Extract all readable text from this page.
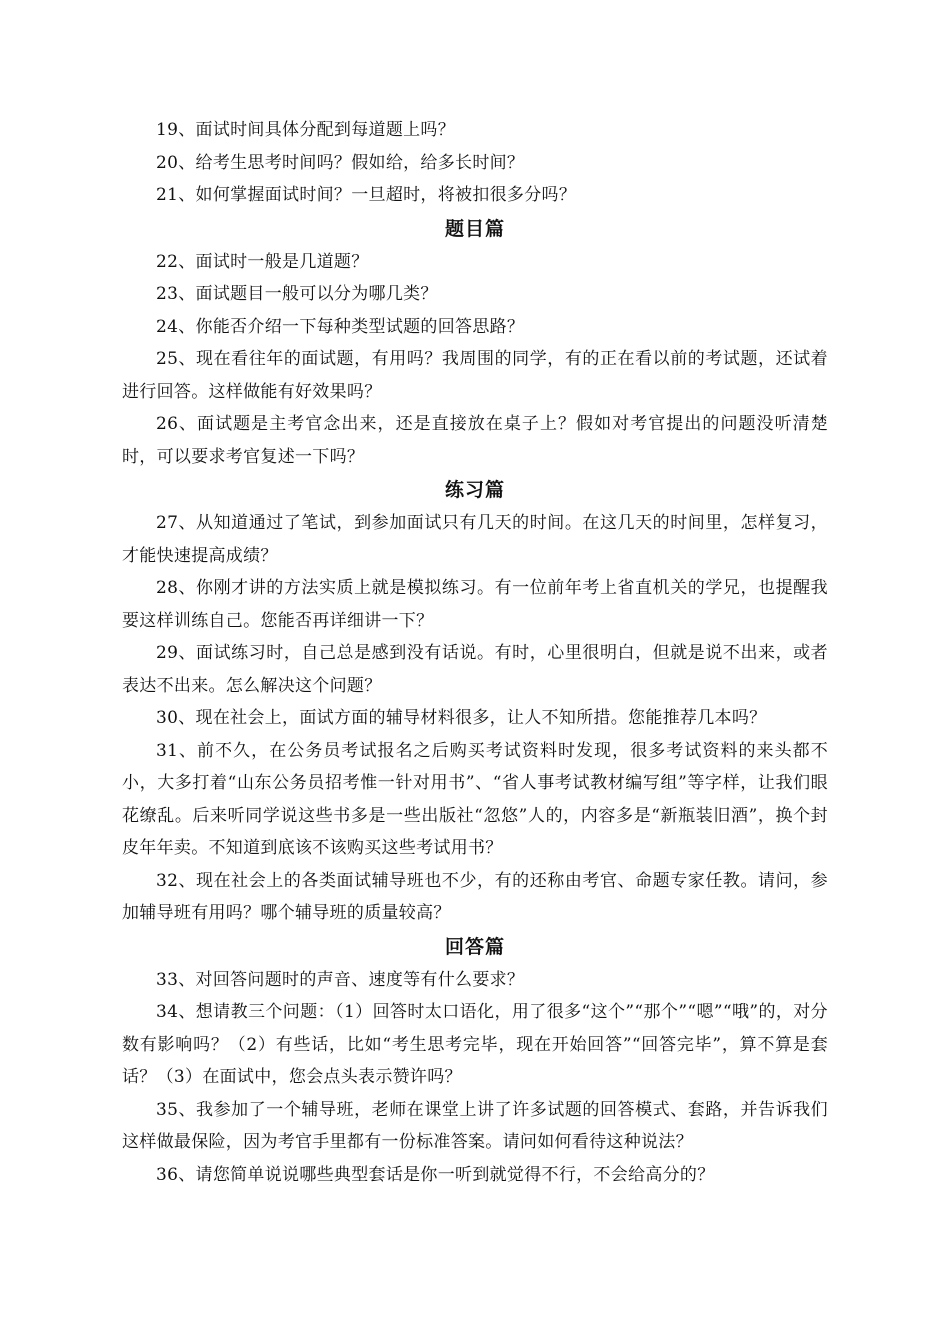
19、面试时间具体分配到每道题上吗？

20、给考生思考时间吗？假如给，给多长时间？

21、如何掌握面试时间？一旦超时，将被扣很多分吗？

题目篇

22、面试时一般是几道题？

23、面试题目一般可以分为哪几类？

24、你能否介绍一下每种类型试题的回答思路？

25、现在看往年的面试题，有用吗？我周围的同学，有的正在看以前的考试题，还试着进行回答。这样做能有好效果吗？

26、面试题是主考官念出来，还是直接放在桌子上？假如对考官提出的问题没听清楚时，可以要求考官复述一下吗？

练习篇

27、从知道通过了笔试，到参加面试只有几天的时间。在这几天的时间里，怎样复习，才能快速提高成绩？

28、你刚才讲的方法实质上就是模拟练习。有一位前年考上省直机关的学兄，也提醒我要这样训练自己。您能否再详细讲一下？

29、面试练习时，自己总是感到没有话说。有时，心里很明白，但就是说不出来，或者表达不出来。怎么解决这个问题？

30、现在社会上，面试方面的辅导材料很多，让人不知所措。您能推荐几本吗？

31、前不久，在公务员考试报名之后购买考试资料时发现，很多考试资料的来头都不小，大多打着“山东公务员招考惟一针对用书”、“省人事考试教材编写组”等字样，让我们眼花缭乱。后来听同学说这些书多是一些出版社“忽悠”人的，内容多是“新瓶装旧酒”，换个封皮年年卖。不知道到底该不该购买这些考试用书？

32、现在社会上的各类面试辅导班也不少，有的还称由考官、命题专家任教。请问，参加辅导班有用吗？哪个辅导班的质量较高？

回答篇

33、对回答问题时的声音、速度等有什么要求？

34、想请教三个问题：（1）回答时太口语化，用了很多“这个”“那个”“嗯”“哦”的，对分数有影响吗？（2）有些话，比如“考生思考完毕，现在开始回答”“回答完毕”，算不算是套话？（3）在面试中，您会点头表示赞许吗？

35、我参加了一个辅导班，老师在课堂上讲了许多试题的回答模式、套路，并告诉我们这样做最保险，因为考官手里都有一份标准答案。请问如何看待这种说法？

36、请您简单说说哪些典型套话是你一听到就觉得不行，不会给高分的？
